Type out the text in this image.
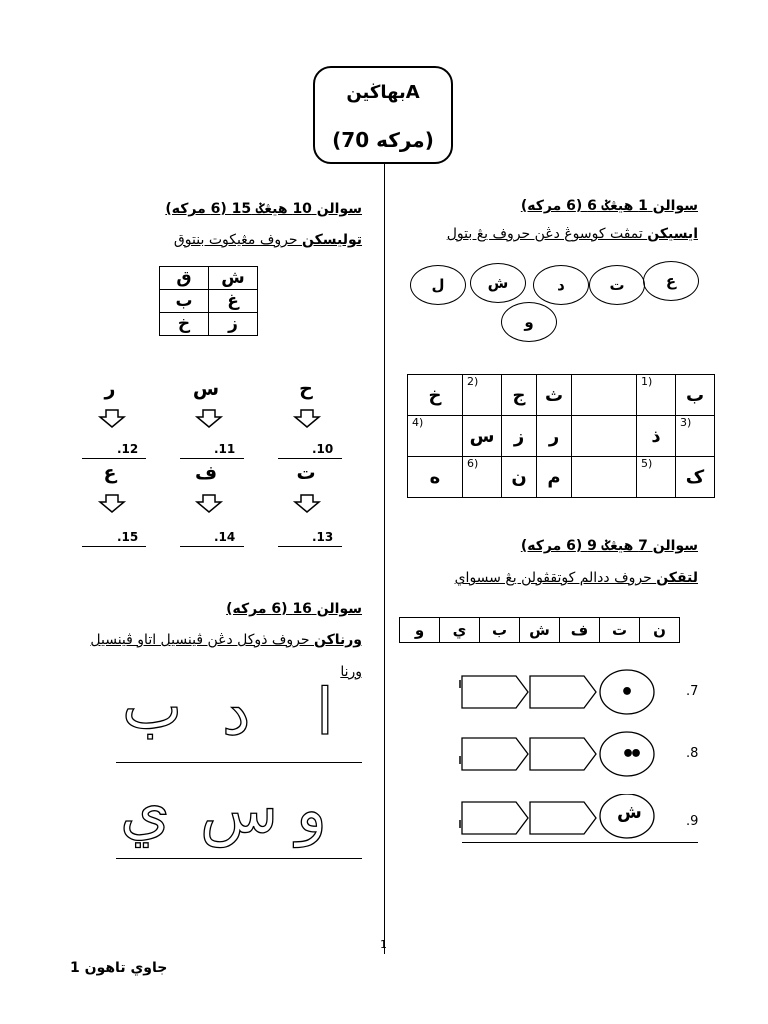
بهاڬينA
(70 مرکه)
سوالن 1 هيڠݢ 6 (6 مرکه)
ايسيکن تمڤت کوسوڠ دڠن حروف يڠ بتول
ع
ت
د
ش
ل
و
خ	2)	ج	ث		1)	ب
4)	س	ز	ر		ذ	3)
ه	6)	ن	م		5)	ک
سوالن 7 هيڠݢ 9 (6 مرکه)
لتقکن حروف ددالم کوتقڤولن يڠ سسواي
و	ي	ب	ش	ف	ت	ن
.7
•
.8
••
.9
ش
سوالن 10 هيڠݢ 15 (6 مرکه)
توليسکن حروف مڠيکوت بنتوق
ق	ش
ب	غ
خ	ز
ح
س
ر
.10
.11
.12
ت
ف
ع
.13
.14
.15
سوالن 16 (6 مرکه)
ورناکن حروف ذوکل دڠن ڤينسيل اتاو ڤينسيل
ورنا
ا
د
ب
و
س
ي
1
جاوي تاهون 1
